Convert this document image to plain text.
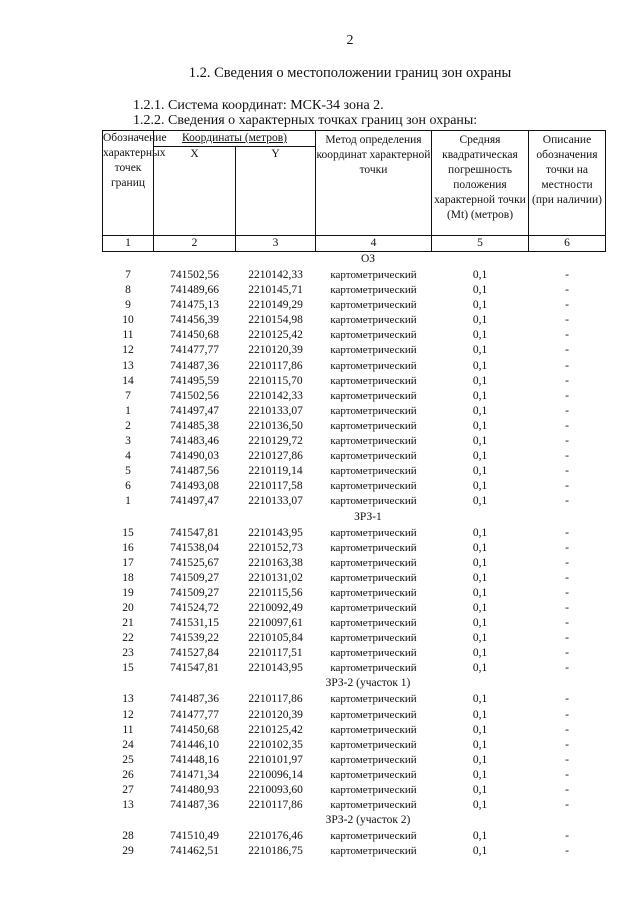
2
1.2. Сведения о местоположении границ зон охраны
1.2.1. Система координат: МСК-34 зона 2.
1.2.2. Сведения о характерных точках границ зон охраны:
Обозначение характерных точек границ	Координаты (метров)		Метод определения координат характерной точки	Средняя квадратическая погрешность положения характерной точки (Mt) (метров)	Описание обозначения точки на местности (при наличии)
	X	Y			
1	2	3	4	5	6
ОЗ					
7	741502,56	2210142,33	картометрический	0,1	-
8	741489,66	2210145,71	картометрический	0,1	-
9	741475,13	2210149,29	картометрический	0,1	-
10	741456,39	2210154,98	картометрический	0,1	-
11	741450,68	2210125,42	картометрический	0,1	-
12	741477,77	2210120,39	картометрический	0,1	-
13	741487,36	2210117,86	картометрический	0,1	-
14	741495,59	2210115,70	картометрический	0,1	-
7	741502,56	2210142,33	картометрический	0,1	-
1	741497,47	2210133,07	картометрический	0,1	-
2	741485,38	2210136,50	картометрический	0,1	-
3	741483,46	2210129,72	картометрический	0,1	-
4	741490,03	2210127,86	картометрический	0,1	-
5	741487,56	2210119,14	картометрический	0,1	-
6	741493,08	2210117,58	картометрический	0,1	-
1	741497,47	2210133,07	картометрический	0,1	-
ЗРЗ-1					
15	741547,81	2210143,95	картометрический	0,1	-
16	741538,04	2210152,73	картометрический	0,1	-
17	741525,67	2210163,38	картометрический	0,1	-
18	741509,27	2210131,02	картометрический	0,1	-
19	741509,27	2210115,56	картометрический	0,1	-
20	741524,72	2210092,49	картометрический	0,1	-
21	741531,15	2210097,61	картометрический	0,1	-
22	741539,22	2210105,84	картометрический	0,1	-
23	741527,84	2210117,51	картометрический	0,1	-
15	741547,81	2210143,95	картометрический	0,1	-
ЗРЗ-2 (участок 1)					
13	741487,36	2210117,86	картометрический	0,1	-
12	741477,77	2210120,39	картометрический	0,1	-
11	741450,68	2210125,42	картометрический	0,1	-
24	741446,10	2210102,35	картометрический	0,1	-
25	741448,16	2210101,97	картометрический	0,1	-
26	741471,34	2210096,14	картометрический	0,1	-
27	741480,93	2210093,60	картометрический	0,1	-
13	741487,36	2210117,86	картометрический	0,1	-
ЗРЗ-2 (участок 2)					
28	741510,49	2210176,46	картометрический	0,1	-
29	741462,51	2210186,75	картометрический	0,1	-
